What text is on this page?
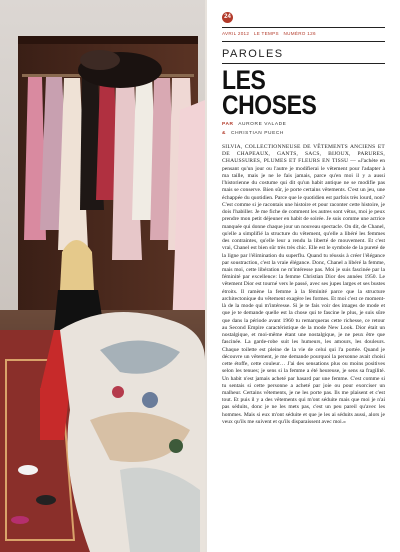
24
AVRIL 2012 LE TEMPS NUMÉRO 126
PAROLES
LES
CHOSES
PAR AURORE VALADE
& CHRISTIAN PUECH
SILVIA, COLLECTIONNEUSE DE VÊTEMENTS ANCIENS ET DE CHAPEAUX, GANTS, SACS, BIJOUX, PARURES, CHAUSSURES, PLUMES ET FLEURS EN TISSU — «J'achète en pensant qu'un jour ou l'autre je modifierai le vêtement pour l'adapter à ma taille, mais je ne le fais jamais, parce qu'en moi il y a aussi l'historienne du costume qui dit qu'un habit antique ne se modifie pas mais se conserve. Bien sûr, je porte certains vêtements. C'est un jeu, une échappée du quotidien. Parce que le quotidien est parfois très lourd, non? C'est comme si je racontais une histoire et pour raconter cette histoire, je dois l'habiller. Je me fiche de comment les autres sont vêtus, moi je peux prendre mon petit déjeuner en habit de soirée. Je suis comme une actrice manquée qui donne chaque jour un nouveau spectacle. On dit, de Chanel, qu'elle a simplifié la structure du vêtement, qu'elle a libéré les femmes des contraintes, qu'elle leur a rendu la liberté de mouvement. Et c'est vrai, Chanel est bien sûr très très chic. Elle est le symbole de la pureté de la ligne par l'élimination du superflu. Quand tu réussis à créer l'élégance par soustraction, c'est la vraie élégance. Donc, Chanel a libéré la femme, mais moi, cette libération ne m'intéresse pas. Moi je suis fascinée par la féminité par excellence: la femme Christian Dior des années 1950. Le vêtement Dior est tourné vers le passé, avec ses jupes larges et ses bustes étroits. Il ramène la femme à la féminité parce que la structure architectonique du vêtement exagère les formes. Et moi c'est ce moment-là de la mode qui m'intéresse. Si je te fais voir des images de mode et que je te demande quelle est la chose qui te fascine le plus, je suis sûre que dans la période avant 1960 tu remarqueras cette richesse, ce retour au Second Empire caractéristique de la mode New Look. Dior était un nostalgique, et moi-même étant une nostalgique, je ne peux être que fascinée. La garde-robe suit les humeurs, les amours, les douleurs. Chaque toilette est pleine de la vie de celui qui l'a portée. Quand je découvre un vêtement, je me demande pourquoi la personne avait choisi cette étoffe, cette couleur… J'ai des sensations plus ou moins positives selon les tenues; je sens si la femme a été heureuse, je sens sa fragilité. Un habit n'est jamais acheté par hasard par une femme. C'est comme si tu sentais si cette personne a acheté par joie ou pour exorciser un malheur. Certains vêtements, je ne les porte pas. Ils me plaisent et c'est tout. Et puis il y a des vêtements qui m'ont séduite mais que moi je n'ai pas séduits, donc je ne les mets pas, c'est un peu pareil qu'avec les hommes. Mais si eux m'ont séduite et que je les ai séduits aussi, alors je veux qu'ils me suivent et qu'ils disparaissent avec moi.»
